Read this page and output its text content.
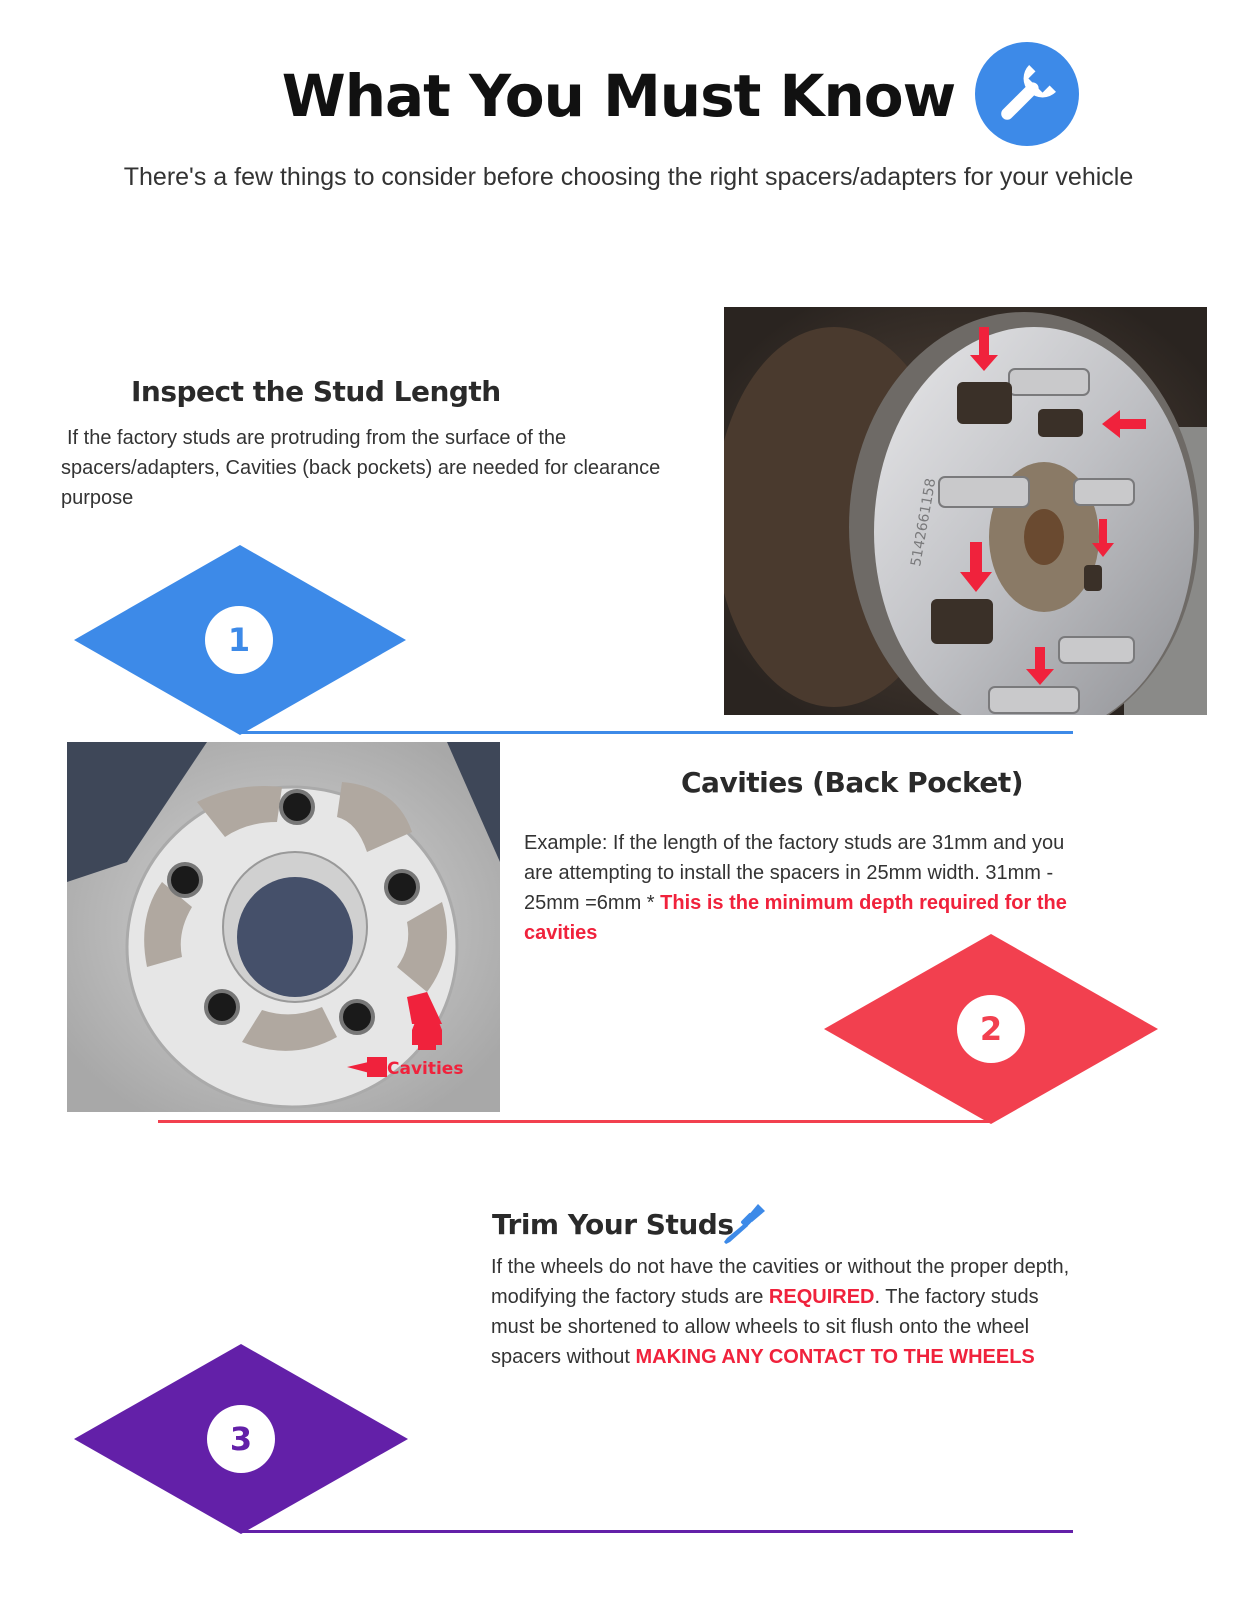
What You Must Know
There's a few things to consider before choosing the right spacers/adapters for your vehicle
Inspect the Stud Length
If the factory studs are protruding from the surface of the spacers/adapters, Cavities (back pockets) are needed for clearance purpose
1
5142661158
Cavities
Cavities (Back Pocket)
Example: If the length of the factory studs are 31mm and you are attempting to install the spacers in 25mm width. 31mm - 25mm =6mm * This is the minimum depth required for the cavities
2
Trim Your Studs
If the wheels do not have the cavities or without the proper depth, modifying the factory studs are REQUIRED. The factory studs must be shortened to allow wheels to sit flush onto the wheel spacers without MAKING ANY CONTACT TO THE WHEELS
3
